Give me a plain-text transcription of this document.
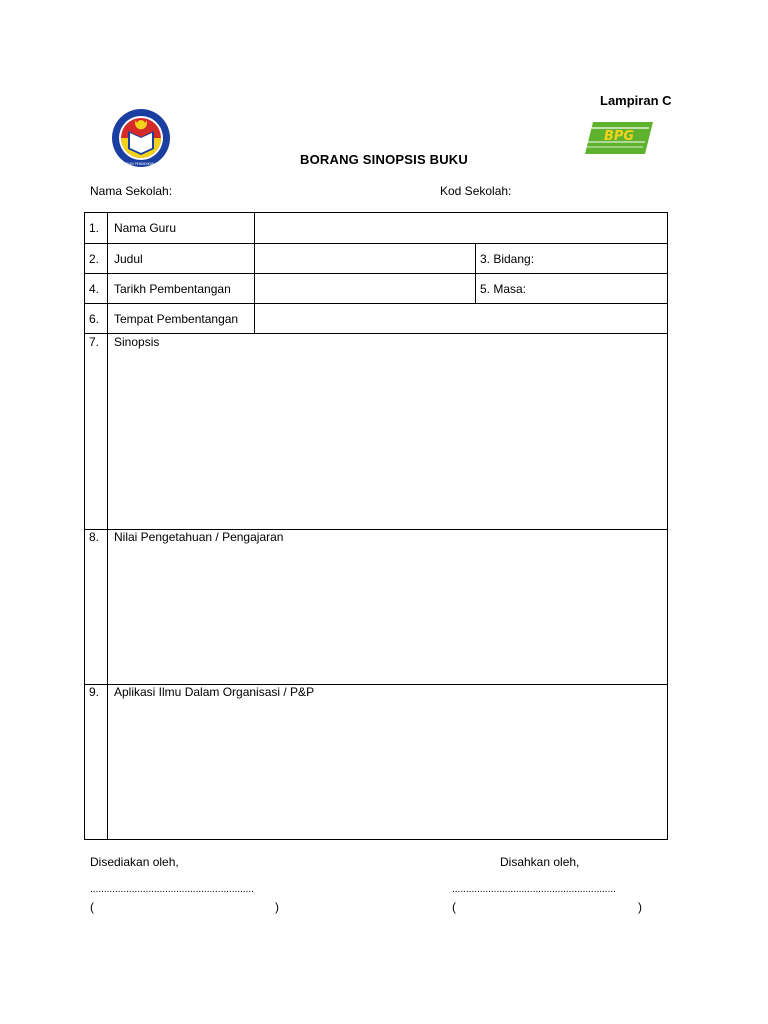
Lampiran C
KEMENTERIAN PENDIDIKAN MALAYSIA
BPG
BORANG SINOPSIS BUKU
Nama Sekolah:	Kod Sekolah:
1. Nama Guru
2. Judul	3. Bidang:
4. Tarikh Pembentangan	5. Masa:
6. Tempat Pembentangan
7. Sinopsis
8. Nilai Pengetahuan / Pengajaran
9. Aplikasi Ilmu Dalam Organisasi / P&P
Disediakan oleh,	Disahkan oleh,
...........................................................	...........................................................
(	)	(	)
